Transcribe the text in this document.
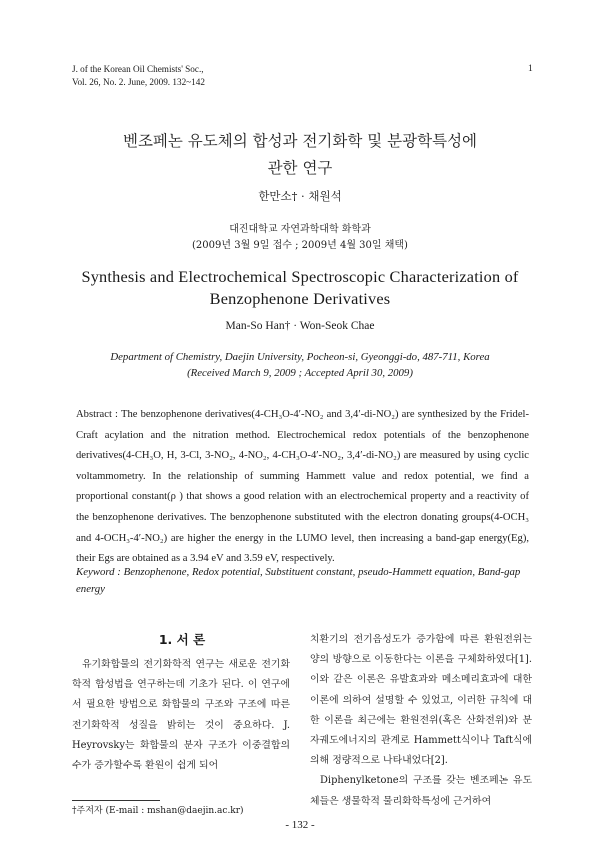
J. of the Korean Oil Chemists' Soc.,
Vol. 26, No. 2. June, 2009. 132~142
1
벤조페논 유도체의 합성과 전기화학 및 분광학특성에
관한 연구
한만소† · 채원석
대진대학교 자연과학대학 화학과
(2009년 3월 9일 접수 ; 2009년 4월 30일 채택)
Synthesis and Electrochemical Spectroscopic Characterization of
Benzophenone Derivatives
Man-So Han† · Won-Seok Chae
Department of Chemistry, Daejin University, Pocheon-si, Gyeonggi-do, 487-711, Korea
(Received March 9, 2009 ; Accepted April 30, 2009)
Abstract : The benzophenone derivatives(4-CH₃O-4′-NO₂ and 3,4′-di-NO₂) are synthesized by the Fridel-Craft acylation and the nitration method. Electrochemical redox potentials of the benzophenone derivatives(4-CH₃O, H, 3-Cl, 3-NO₂, 4-NO₂, 4-CH₃O-4′-NO₂, 3,4′-di-NO₂) are measured by using cyclic voltammometry. In the relationship of summing Hammett value and redox potential, we find a proportional constant(ρ ) that shows a good relation with an electrochemical property and a reactivity of the benzophenone derivatives. The benzophenone substituted with the electron donating groups(4-OCH₃ and 4-OCH₃-4′-NO₂) are higher the energy in the LUMO level, then increasing a band-gap energy(Eg), their Egs are obtained as a 3.94 eV and 3.59 eV, respectively.
Keyword : Benzophenone, Redox potential, Substituent constant, pseudo-Hammett equation, Band-gap energy
1. 서 론

유기화합물의 전기화학적 연구는 새로운 전기화학적 합성법을 연구하는데 기초가 된다. 이 연구에서 필요한 방법으로 화합물의 구조와 구조에 따른 전기화학적 성질을 밝히는 것이 중요하다. J. Heyrovsky는 화합물의 분자 구조가 이중결합의 수가 증가할수록 환원이 쉽게 되어

치환기의 전기음성도가 증가함에 따른 환원전위는 양의 방향으로 이동한다는 이론을 구체화하였다[1]. 이와 같은 이론은 유발효과와 메소메리효과에 대한 이론에 의하여 설명할 수 있었고, 이러한 규칙에 대한 이론을 최근에는 환원전위(혹은 산화전위)와 분자궤도에너지의 관계로 Hammett식이나 Taft식에 의해 정량적으로 나타내었다[2].

Diphenylketone의 구조를 갖는 벤조페논 유도체들은 생물학적 물리화학특성에 근거하여

†주저자 (E-mail : mshan@daejin.ac.kr)
- 132 -
